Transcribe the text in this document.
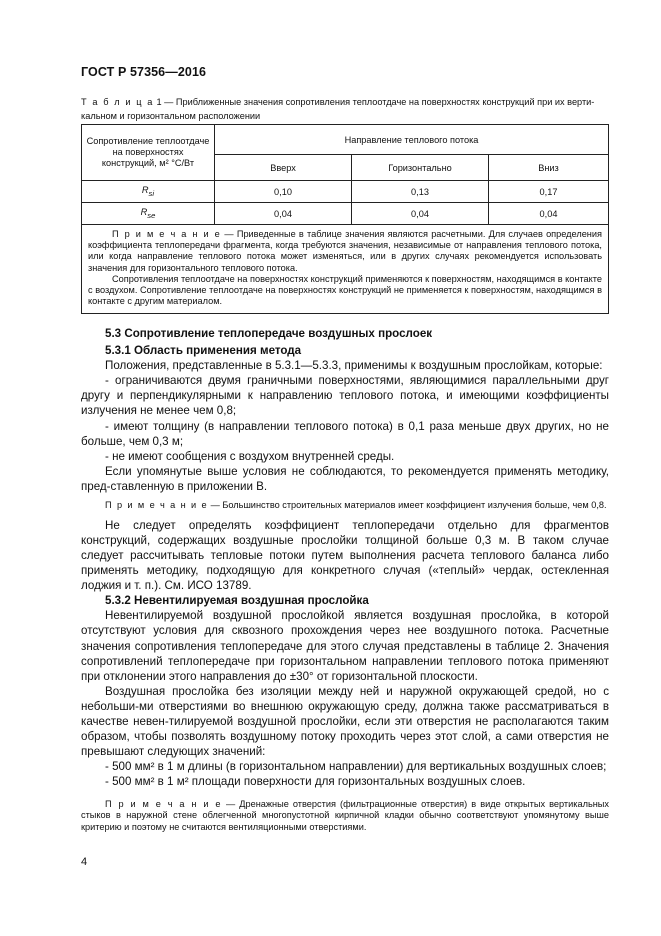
ГОСТ Р 57356—2016
Т а б л и ц а 1 — Приближенные значения сопротивления теплоотдаче на поверхностях конструкций при их верти-кальном и горизонтальном расположении
Сопротивление теплоотдаче на поверхностях конструкций, м² °С/Вт	Направление теплового потока		
	Вверх	Горизонтально	Вниз
$R_{si}$	0,10	0,13	0,17
$R_{se}$	0,04	0,04	0,04

П р и м е ч а н и е — Приведенные в таблице значения являются расчетными. Для случаев определения коэффициента теплопередачи фрагмента, когда требуются значения, независимые от направления теплового потока, или когда направление теплового потока может изменяться, или в других случаях рекомендуется использовать значения для горизонтального теплового потока.

Сопротивления теплоотдаче на поверхностях конструкций применяются к поверхностям, находящимся в контакте с воздухом. Сопротивление теплоотдаче на поверхностях конструкций не применяется к поверхностям, находящимся в контакте с другим материалом.			

5.3 Сопротивление теплопередаче воздушных прослоек

5.3.1 Область применения метода

Положения, представленные в 5.3.1—5.3.3, применимы к воздушным прослойкам, которые:

- ограничиваются двумя граничными поверхностями, являющимися параллельными друг другу и перпендикулярными к направлению теплового потока, и имеющими коэффициенты излучения не менее чем 0,8;

- имеют толщину (в направлении теплового потока) в 0,1 раза меньше двух других, но не больше, чем 0,3 м;

- не имеют сообщения с воздухом внутренней среды.

Если упомянутые выше условия не соблюдаются, то рекомендуется применять методику, пред-ставленную в приложении В.

П р и м е ч а н и е — Большинство строительных материалов имеет коэффициент излучения больше, чем 0,8.

Не следует определять коэффициент теплопередачи отдельно для фрагментов конструкций, содержащих воздушные прослойки толщиной больше 0,3 м. В таком случае следует рассчитывать тепловые потоки путем выполнения расчета теплового баланса либо применять методику, подходящую для конкретного случая («теплый» чердак, остекленная лоджия и т. п.). См. ИСО 13789.

5.3.2 Невентилируемая воздушная прослойка

Невентилируемой воздушной прослойкой является воздушная прослойка, в которой отсутствуют условия для сквозного прохождения через нее воздушного потока. Расчетные значения сопротивления теплопередаче для этого случая представлены в таблице 2. Значения сопротивлений теплопередаче при горизонтальном направлении теплового потока применяют при отклонении этого направления до ±30° от горизонтальной плоскости.

Воздушная прослойка без изоляции между ней и наружной окружающей средой, но с небольши-ми отверстиями во внешнюю окружающую среду, должна также рассматриваться в качестве невен-тилируемой воздушной прослойки, если эти отверстия не располагаются таким образом, чтобы позволять воздушному потоку проходить через этот слой, а сами отверстия не превышают следующих значений:

- 500 мм² в 1 м длины (в горизонтальном направлении) для вертикальных воздушных слоев;

- 500 мм² в 1 м² площади поверхности для горизонтальных воздушных слоев.

П р и м е ч а н и е — Дренажные отверстия (фильтрационные отверстия) в виде открытых вертикальных стыков в наружной стене облегченной многопустотной кирпичной кладки обычно соответствуют упомянутому выше критерию и поэтому не считаются вентиляционными отверстиями.

4
